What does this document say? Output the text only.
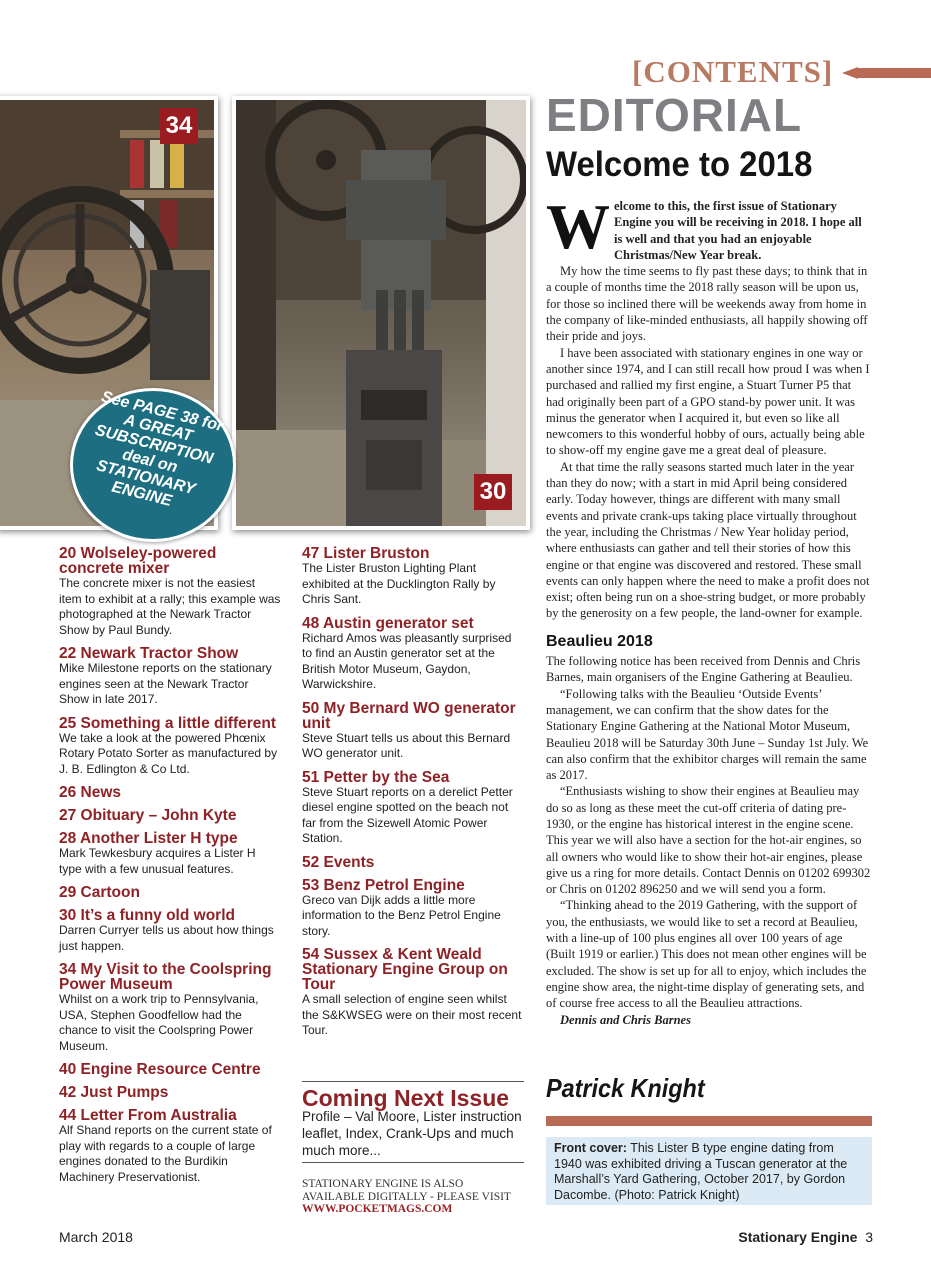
[CONTENTS]
EDITORIAL
Welcome to 2018
34
30
See PAGE 38 for A GREAT SUBSCRIPTION deal on STATIONARY ENGINE
20 Wolseley-powered concrete mixer
The concrete mixer is not the easiest item to exhibit at a rally; this example was photographed at the Newark Tractor Show by Paul Bundy.
22 Newark Tractor Show
Mike Milestone reports on the stationary engines seen at the Newark Tractor Show in late 2017.
25 Something a little different
We take a look at the powered Phœnix Rotary Potato Sorter as manufactured by J. B. Edlington & Co Ltd.
26 News
27 Obituary – John Kyte
28 Another Lister H type
Mark Tewkesbury acquires a Lister H type with a few unusual features.
29 Cartoon
30 It’s a funny old world
Darren Curryer tells us about how things just happen.
34 My Visit to the Coolspring Power Museum
Whilst on a work trip to Pennsylvania, USA, Stephen Goodfellow had the chance to visit the Coolspring Power Museum.
40 Engine Resource Centre
42 Just Pumps
44 Letter From Australia
Alf Shand reports on the current state of play with regards to a couple of large engines donated to the Burdikin Machinery Preservationist.
47 Lister Bruston
The Lister Bruston Lighting Plant exhibited at the Ducklington Rally by Chris Sant.
48 Austin generator set
Richard Amos was pleasantly surprised to find an Austin generator set at the British Motor Museum, Gaydon, Warwickshire.
50 My Bernard WO generator unit
Steve Stuart tells us about this Bernard WO generator unit.
51 Petter by the Sea
Steve Stuart reports on a derelict Petter diesel engine spotted on the beach not far from the Sizewell Atomic Power Station.
52 Events
53 Benz Petrol Engine
Greco van Dijk adds a little more information to the Benz Petrol Engine story.
54 Sussex & Kent Weald Stationary Engine Group on Tour
A small selection of engine seen whilst the S&KWSEG were on their most recent Tour.
Coming Next Issue
Profile – Val Moore, Lister instruction leaflet, Index, Crank-Ups and much much more...
STATIONARY ENGINE IS ALSO AVAILABLE DIGITALLY - PLEASE VISIT
WWW.POCKETMAGS.COM
W elcome to this, the first issue of Stationary Engine you will be receiving in 2018. I hope all is well and that you had an enjoyable Christmas/New Year break.

My how the time seems to fly past these days; to think that in a couple of months time the 2018 rally season will be upon us, for those so inclined there will be weekends away from home in the company of like-minded enthusiasts, all happily showing off their pride and joys.

I have been associated with stationary engines in one way or another since 1974, and I can still recall how proud I was when I purchased and rallied my first engine, a Stuart Turner P5 that had originally been part of a GPO stand-by power unit. It was minus the generator when I acquired it, but even so like all newcomers to this wonderful hobby of ours, actually being able to show-off my engine gave me a great deal of pleasure.

At that time the rally seasons started much later in the year than they do now; with a start in mid April being considered early. Today however, things are different with many small events and private crank-ups taking place virtually throughout the year, including the Christmas / New Year holiday period, where enthusiasts can gather and tell their stories of how this engine or that engine was discovered and restored. These small events can only happen where the need to make a profit does not exist; often being run on a shoe-string budget, or more probably by the generosity on a few people, the land-owner for example.

Beaulieu 2018

The following notice has been received from Dennis and Chris Barnes, main organisers of the Engine Gathering at Beaulieu.

“Following talks with the Beaulieu ‘Outside Events’ management, we can confirm that the show dates for the Stationary Engine Gathering at the National Motor Museum, Beaulieu 2018 will be Saturday 30th June – Sunday 1st July. We can also confirm that the exhibitor charges will remain the same as 2017.

“Enthusiasts wishing to show their engines at Beaulieu may do so as long as these meet the cut-off criteria of dating pre-1930, or the engine has historical interest in the engine scene. This year we will also have a section for the hot-air engines, so all owners who would like to show their hot-air engines, please give us a ring for more details. Contact Dennis on 01202 699302 or Chris on 01202 896250 and we will send you a form.

“Thinking ahead to the 2019 Gathering, with the support of you, the enthusiasts, we would like to set a record at Beaulieu, with a line-up of 100 plus engines all over 100 years of age (Built 1919 or earlier.) This does not mean other engines will be excluded. The show is set up for all to enjoy, which includes the engine show area, the night-time display of generating sets, and of course free access to all the Beaulieu attractions.

Dennis and Chris Barnes

Patrick Knight
Front cover: This Lister B type engine dating from 1940 was exhibited driving a Tuscan generator at the Marshall’s Yard Gathering, October 2017, by Gordon Dacombe. (Photo: Patrick Knight)
March 2018	Stationary Engine 3
